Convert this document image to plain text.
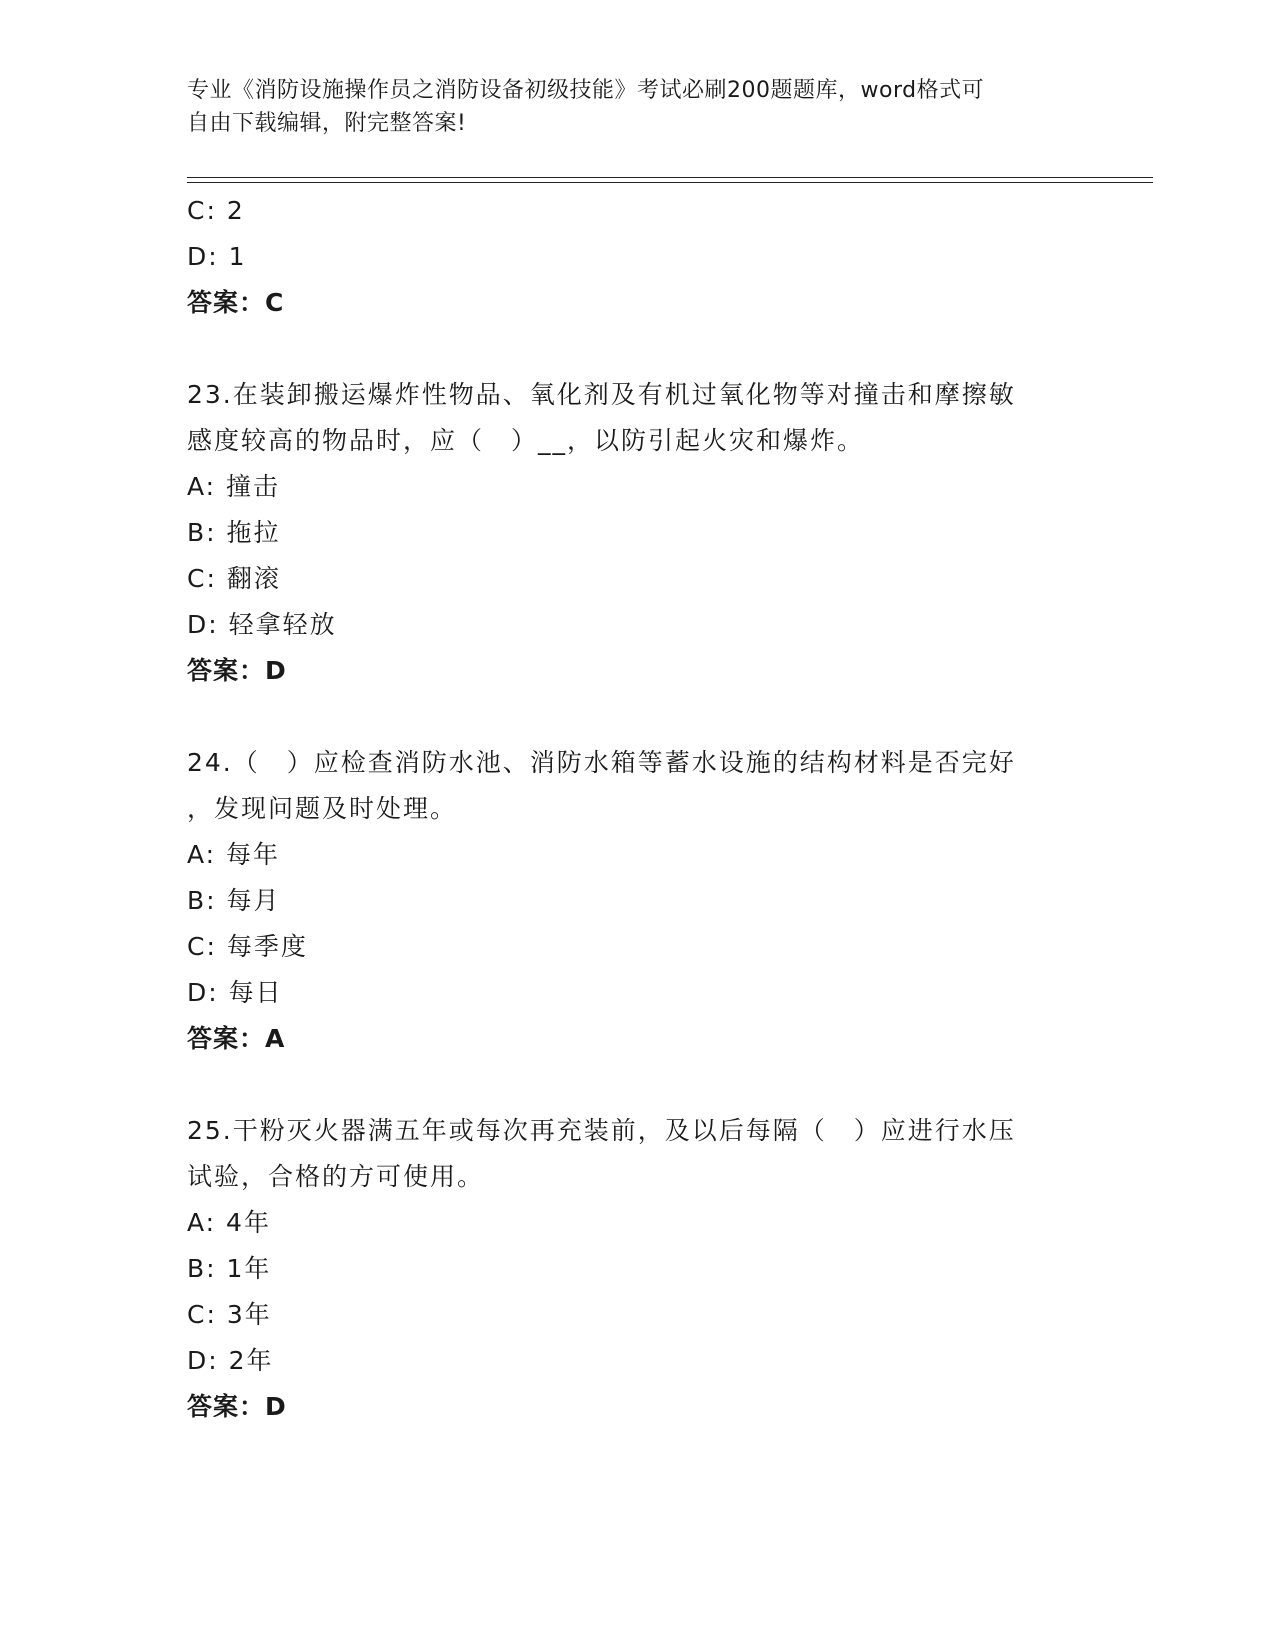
专业《消防设施操作员之消防设备初级技能》考试必刷200题题库，word格式可
自由下载编辑，附完整答案!
C: 2
D: 1
答案：C
23.在装卸搬运爆炸性物品、氧化剂及有机过氧化物等对撞击和摩擦敏
感度较高的物品时，应（　）__，以防引起火灾和爆炸。
A: 撞击
B: 拖拉
C: 翻滚
D: 轻拿轻放
答案：D
24.（　）应检查消防水池、消防水箱等蓄水设施的结构材料是否完好
，发现问题及时处理。
A: 每年
B: 每月
C: 每季度
D: 每日
答案：A
25.干粉灭火器满五年或每次再充装前，及以后每隔（　）应进行水压
试验，合格的方可使用。
A: 4年
B: 1年
C: 3年
D: 2年
答案：D
